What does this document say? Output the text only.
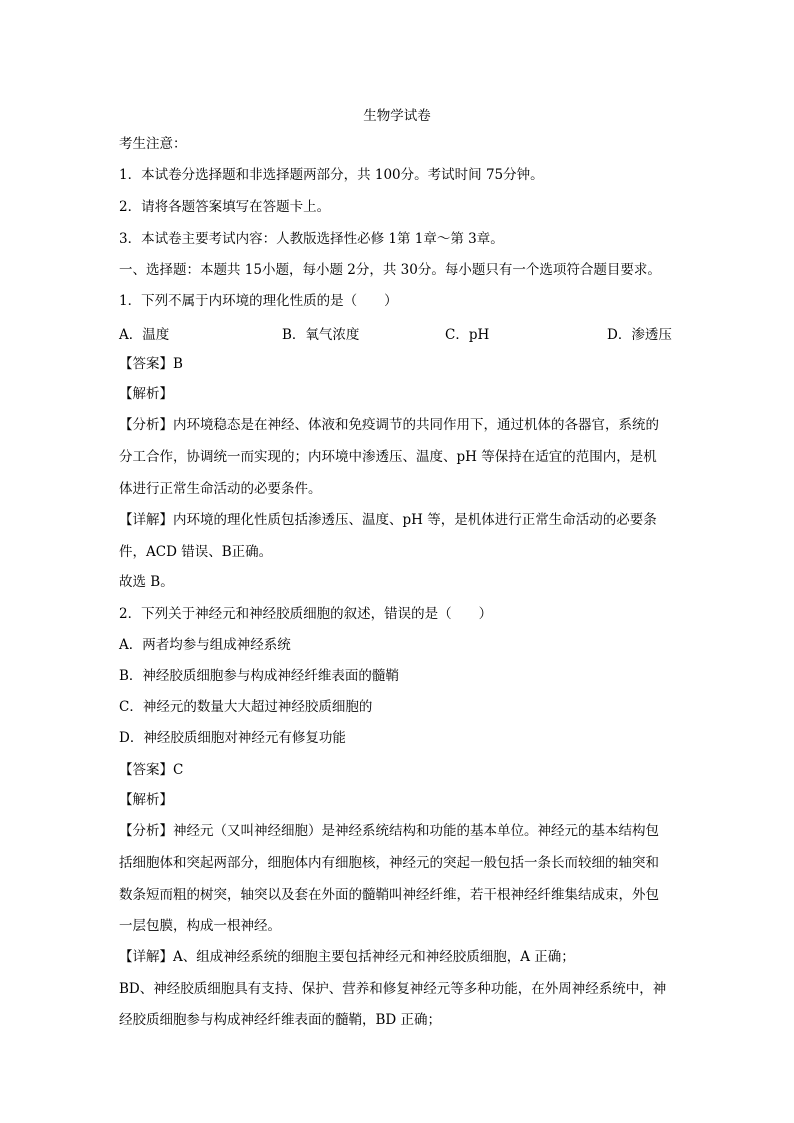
生物学试卷
考生注意：
1．本试卷分选择题和非选择题两部分，共 100分。考试时间 75分钟。
2．请将各题答案填写在答题卡上。
3．本试卷主要考试内容：人教版选择性必修 1第 1章～第 3章。
一、选择题：本题共 15小题，每小题 2分，共 30分。每小题只有一个选项符合题目要求。
1．下列不属于内环境的理化性质的是（　　）
A．温度	B．氧气浓度	C．pH	D．渗透压
【答案】B
【解析】
【分析】内环境稳态是在神经、体液和免疫调节的共同作用下，通过机体的各器官，系统的
分工合作，协调统一而实现的；内环境中渗透压、温度、pH 等保持在适宜的范围内，是机
体进行正常生命活动的必要条件。
【详解】内环境的理化性质包括渗透压、温度、pH 等，是机体进行正常生命活动的必要条
件，ACD 错误、B正确。
故选 B。
2．下列关于神经元和神经胶质细胞的叙述，错误的是（　　）
A．两者均参与组成神经系统
B．神经胶质细胞参与构成神经纤维表面的髓鞘
C．神经元的数量大大超过神经胶质细胞的
D．神经胶质细胞对神经元有修复功能
【答案】C
【解析】
【分析】神经元（又叫神经细胞）是神经系统结构和功能的基本单位。神经元的基本结构包
括细胞体和突起两部分，细胞体内有细胞核，神经元的突起一般包括一条长而较细的轴突和
数条短而粗的树突，轴突以及套在外面的髓鞘叫神经纤维，若干根神经纤维集结成束，外包
一层包膜，构成一根神经。
【详解】A、组成神经系统的细胞主要包括神经元和神经胶质细胞，A 正确；
BD、神经胶质细胞具有支持、保护、营养和修复神经元等多种功能，在外周神经系统中，神
经胶质细胞参与构成神经纤维表面的髓鞘，BD 正确；
